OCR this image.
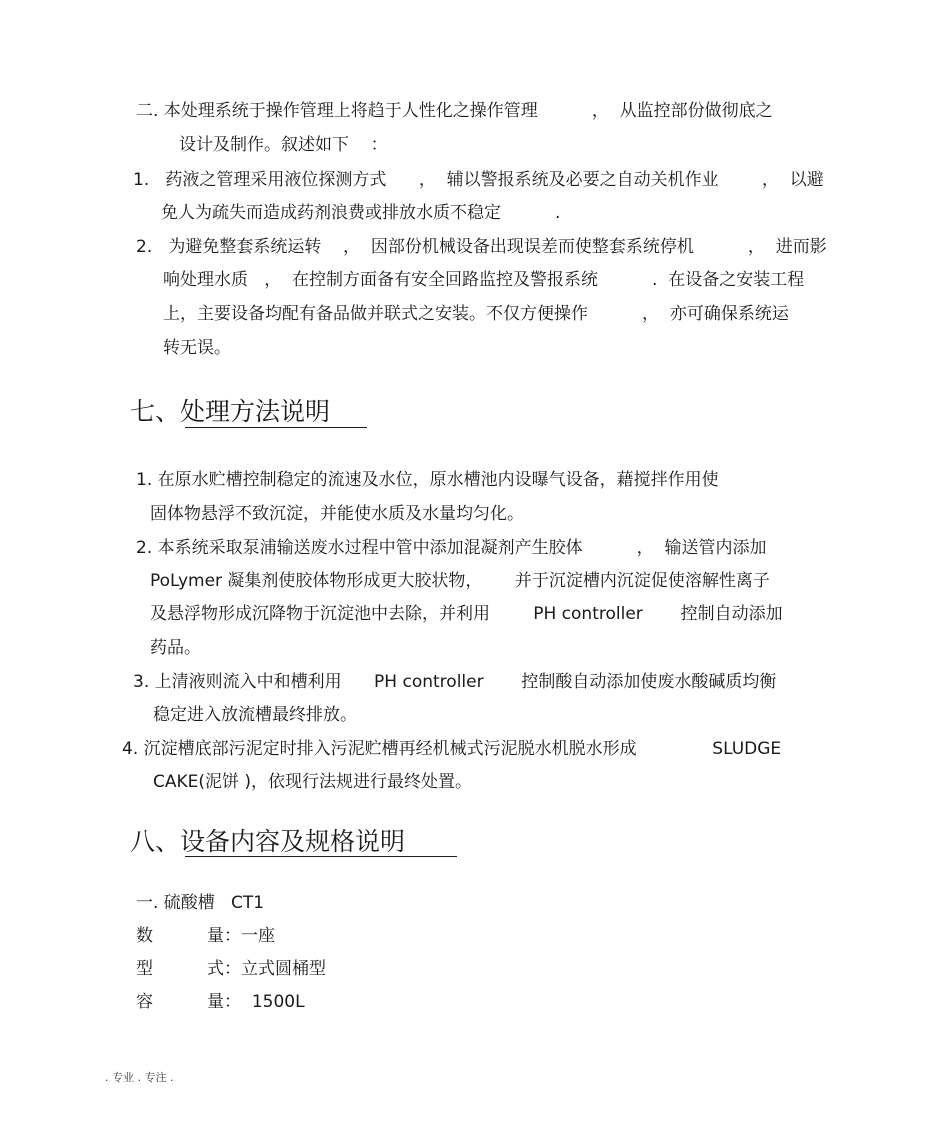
二. 本处理系统于操作管理上将趋于人性化之操作管理          ，  从监控部份做彻底之
设计及制作。叙述如下    ：
1.   药液之管理采用液位探测方式      ，  辅以警报系统及必要之自动关机作业        ，  以避
免人为疏失而造成药剂浪费或排放水质不稳定          .
2.   为避免整套系统运转    ，  因部份机械设备出现误差而使整套系统停机          ，  进而影
响处理水质   ，  在控制方面备有安全回路监控及警报系统          .  在设备之安装工程
上，主要设备均配有备品做并联式之安装。不仅方便操作          ，  亦可确保系统运
转无误。
七、处理方法说明
1. 在原水贮槽控制稳定的流速及水位，原水槽池内设曝气设备，藉搅拌作用使
固体物悬浮不致沉淀，并能使水质及水量均匀化。
2. 本系统采取泵浦输送废水过程中管中添加混凝剂产生胶体          ，  输送管内添加
PoLymer 凝集剂使胶体物形成更大胶状物，      并于沉淀槽内沉淀促使溶解性离子
及悬浮物形成沉降物于沉淀池中去除，并利用        PH controller       控制自动添加
药品。
3. 上清液则流入中和槽利用      PH controller       控制酸自动添加使废水酸碱质均衡
稳定进入放流槽最终排放。
4. 沉淀槽底部污泥定时排入污泥贮槽再经机械式污泥脱水机脱水形成              SLUDGE
CAKE(泥饼 )，依现行法规进行最终处置。
八、设备内容及规格说明
一. 硫酸槽   CT1
数          量：一座
型          式：立式圆桶型
容          量：  1500L
. 专业 . 专注 .
